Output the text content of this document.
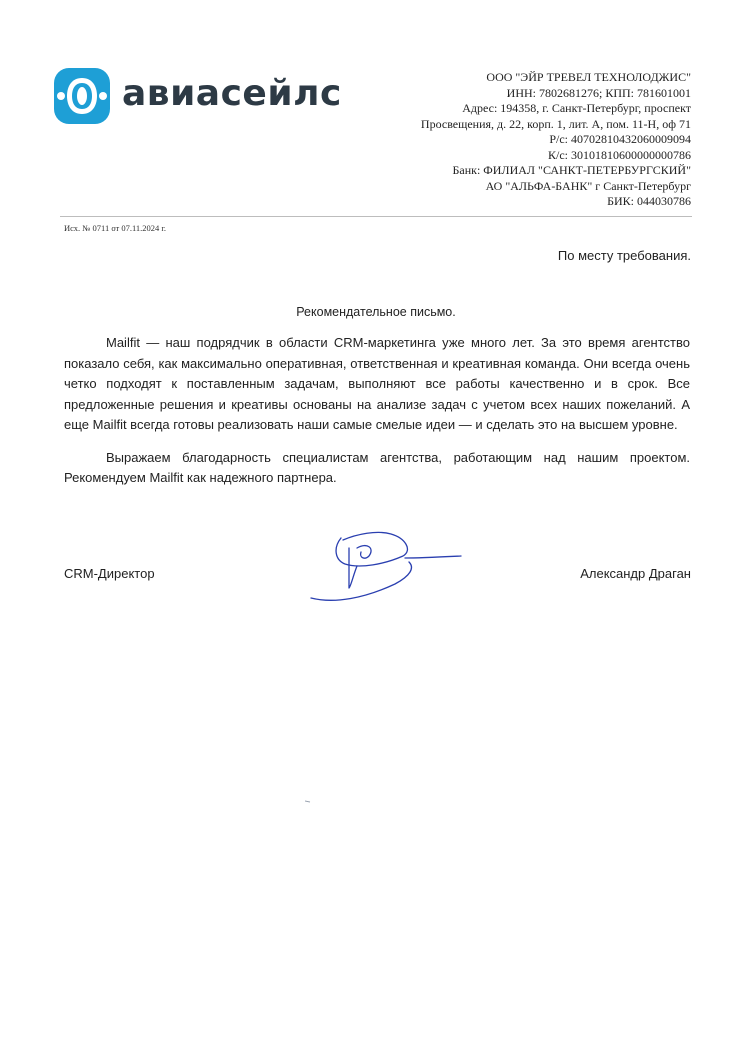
авиасейлс	ООО "ЭЙР ТРЕВЕЛ ТЕХНОЛОДЖИС"
ИНН: 7802681276; КПП: 781601001
Адрес: 194358, г. Санкт-Петербург, проспект
Просвещения, д. 22, корп. 1, лит. А, пом. 11-Н, оф 71
Р/с: 40702810432060009094
К/с: 30101810600000000786
Банк: ФИЛИАЛ "САНКТ-ПЕТЕРБУРГСКИЙ"
АО "АЛЬФА-БАНК" г Санкт-Петербург
БИК: 044030786
Исх. № 0711 от 07.11.2024 г.
По месту требования.
Рекомендательное письмо.

Mailfit — наш подрядчик в области CRM-маркетинга уже много лет. За это время агентство показало себя, как максимально оперативная, ответственная и креативная команда. Они всегда очень четко подходят к поставленным задачам, выполняют все работы качественно и в срок. Все предложенные решения и креативы основаны на анализе задач с учетом всех наших пожеланий. А еще Mailfit всегда готовы реализовать наши самые смелые идеи — и сделать это на высшем уровне.

Выражаем благодарность специалистам агентства, работающим над нашим проектом. Рекомендуем Mailfit как надежного партнера.

CRM-Директор	Александр Драган
